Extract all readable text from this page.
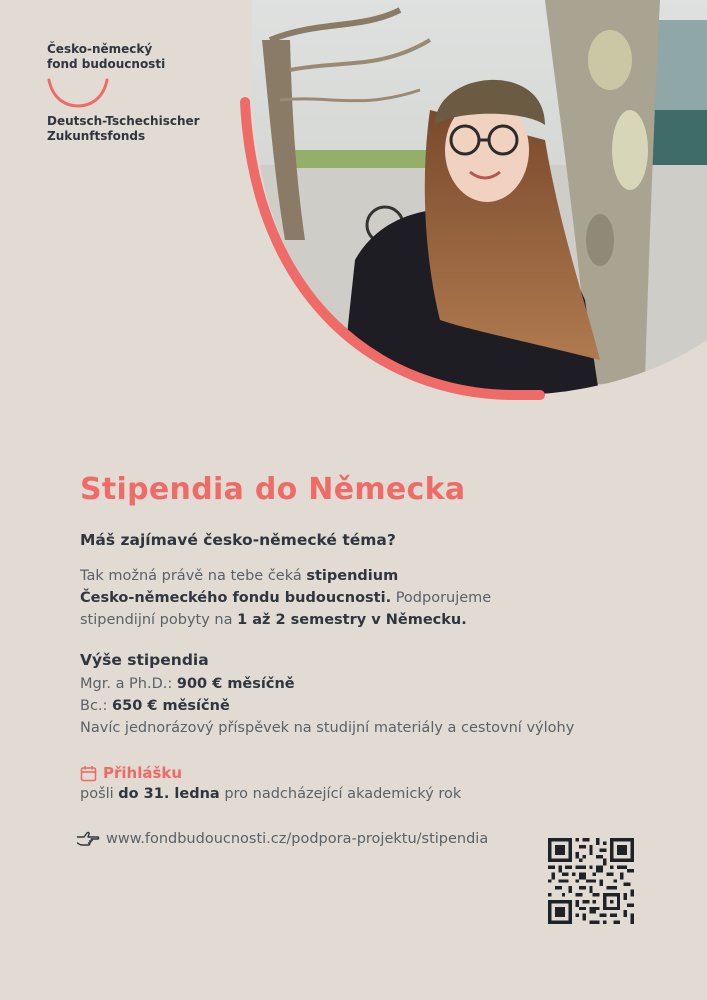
Česko-německý
fond budoucnosti
Deutsch-Tschechischer
Zukunftsfonds
Stipendia do Německa
Máš zajímavé česko-německé téma?
Tak možná právě na tebe čeká stipendium
Česko-německého fondu budoucnosti. Podporujeme
stipendijní pobyty na 1 až 2 semestry v Německu.
Výše stipendia
Mgr. a Ph.D.: 900 € měsíčně
Bc.: 650 € měsíčně
Navíc jednorázový příspěvek na studijní materiály a cestovní výlohy
Přihlášku
pošli do 31. ledna pro nadcházející akademický rok
www.fondbudoucnosti.cz/podpora-projektu/stipendia
